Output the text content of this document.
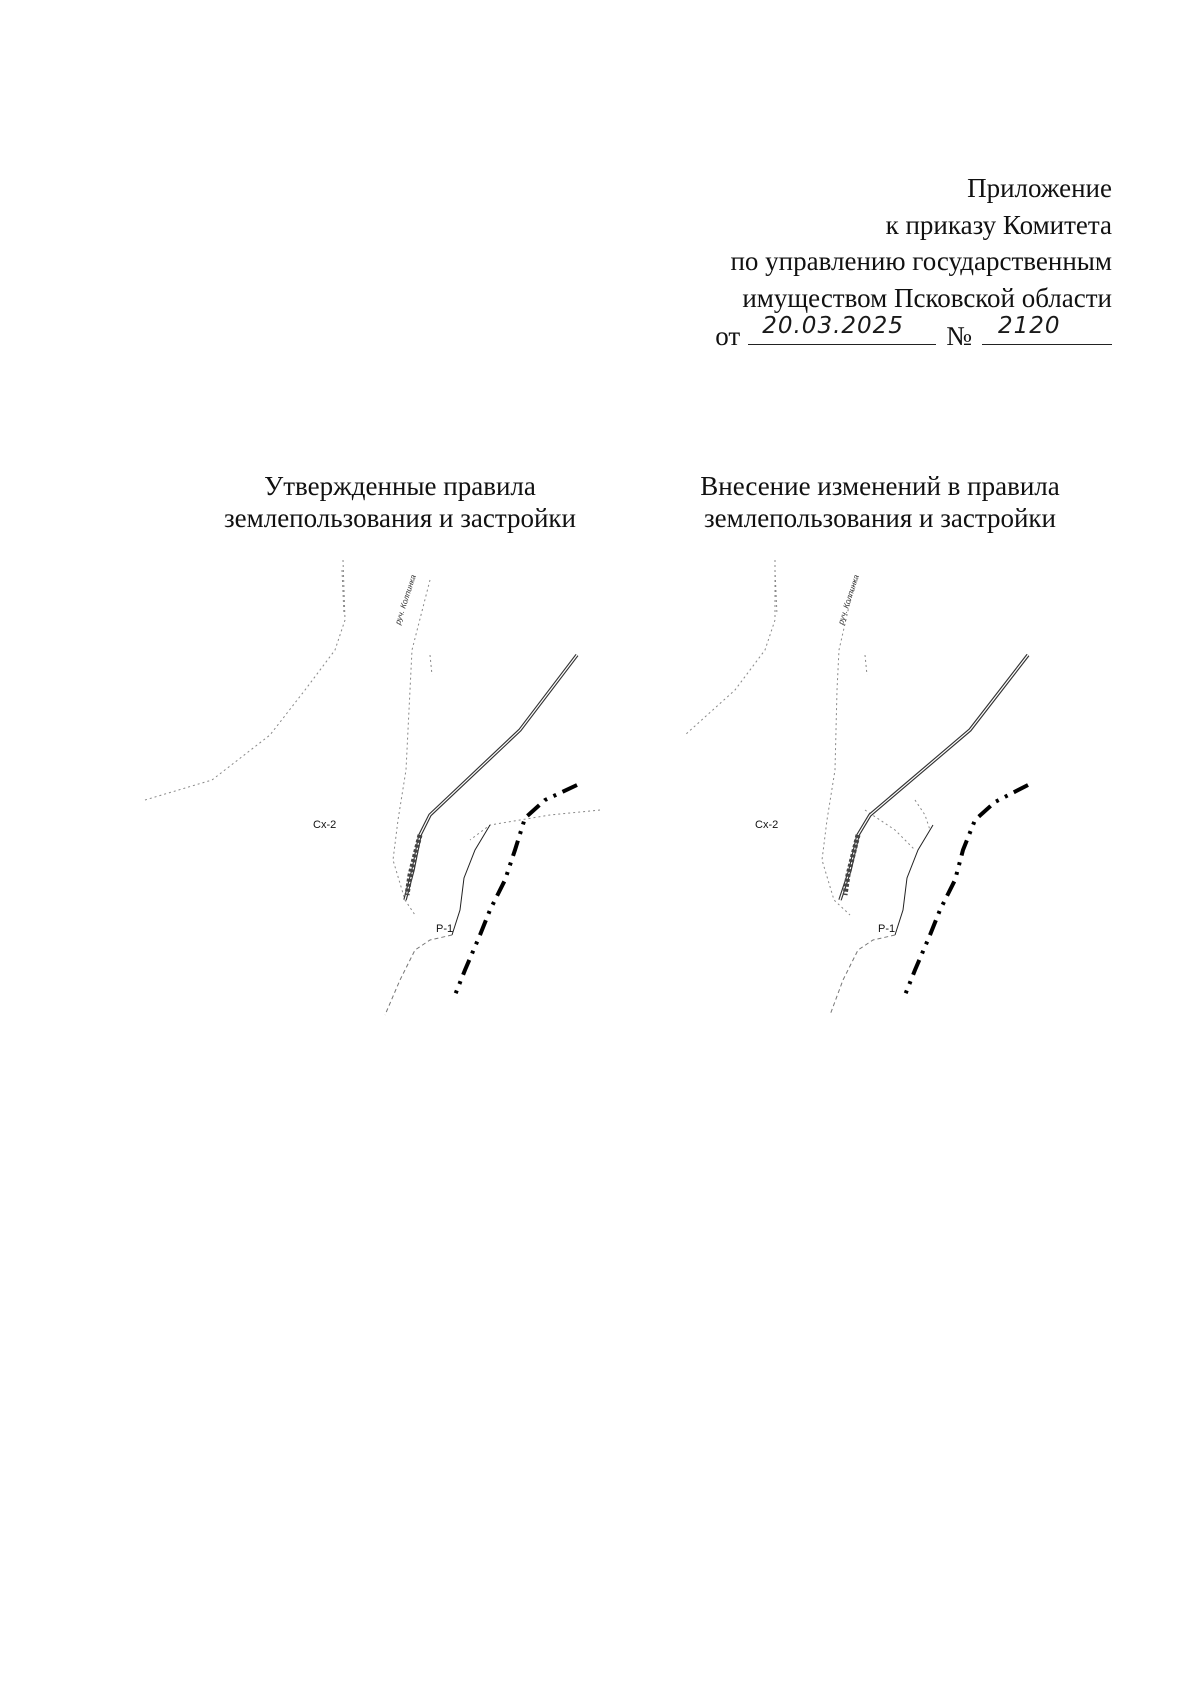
Приложение
к приказу Комитета
по управлению государственным
имуществом Псковской области
от 20.03.2025 № 2120
Утвержденные правила
землепользования и застройки
Внесение изменений в правила
землепользования и застройки
Сх-2
Р-1
руч. Колпинка
Сх-2
Р-1
руч. Колпинка
